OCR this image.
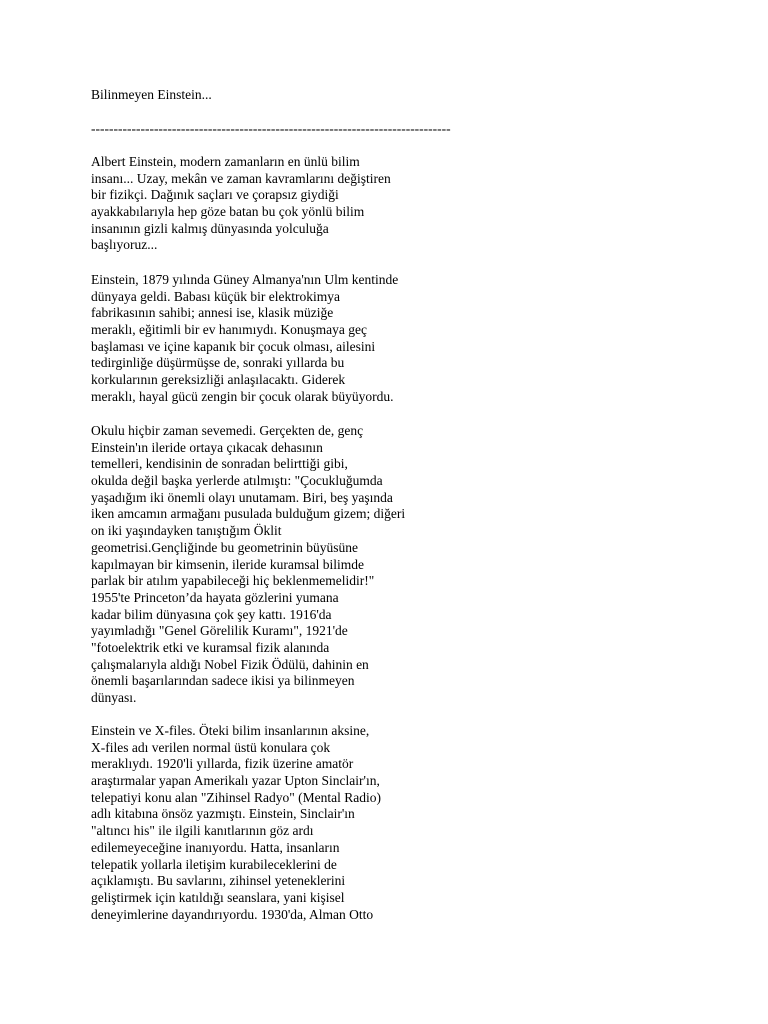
Bilinmeyen Einstein...
--------------------------------------------------------------------------------
Albert Einstein, modern zamanların en ünlü bilim
insanı... Uzay, mekân ve zaman kavramlarını değiştiren
bir fizikçi. Dağınık saçları ve çorapsız giydiği
ayakkabılarıyla hep göze batan bu çok yönlü bilim
insanının gizli kalmış dünyasında yolculuğa
başlıyoruz...
Einstein, 1879 yılında Güney Almanya'nın Ulm kentinde
dünyaya geldi. Babası küçük bir elektrokimya
fabrikasının sahibi; annesi ise, klasik müziğe
meraklı, eğitimli bir ev hanımıydı. Konuşmaya geç
başlaması ve içine kapanık bir çocuk olması, ailesini
tedirginliğe düşürmüşse de, sonraki yıllarda bu
korkularının gereksizliği anlaşılacaktı. Giderek
meraklı, hayal gücü zengin bir çocuk olarak büyüyordu.
Okulu hiçbir zaman sevemedi. Gerçekten de, genç
Einstein'ın ileride ortaya çıkacak dehasının
temelleri, kendisinin de sonradan belirttiği gibi,
okulda değil başka yerlerde atılmıştı: "Çocukluğumda
yaşadığım iki önemli olayı unutamam. Biri, beş yaşında
iken amcamın armağanı pusulada bulduğum gizem; diğeri
on iki yaşındayken tanıştığım Öklit
geometrisi.Gençliğinde bu geometrinin büyüsüne
kapılmayan bir kimsenin, ileride kuramsal bilimde
parlak bir atılım yapabileceği hiç beklenmemelidir!"
1955'te Princeton’da hayata gözlerini yumana
kadar bilim dünyasına çok şey kattı. 1916'da
yayımladığı "Genel Görelilik Kuramı", 1921'de
"fotoelektrik etki ve kuramsal fizik alanında
çalışmalarıyla aldığı Nobel Fizik Ödülü, dahinin en
önemli başarılarından sadece ikisi ya bilinmeyen
dünyası.
Einstein ve X-files. Öteki bilim insanlarının aksine,
X-files adı verilen normal üstü konulara çok
meraklıydı. 1920'li yıllarda, fizik üzerine amatör
araştırmalar yapan Amerikalı yazar Upton Sinclair'ın,
telepatiyi konu alan "Zihinsel Radyo" (Mental Radio)
adlı kitabına önsöz yazmıştı. Einstein, Sinclair'ın
"altıncı his" ile ilgili kanıtlarının göz ardı
edilemeyeceğine inanıyordu. Hatta, insanların
telepatik yollarla iletişim kurabileceklerini de
açıklamıştı. Bu savlarını, zihinsel yeteneklerini
geliştirmek için katıldığı seanslara, yani kişisel
deneyimlerine dayandırıyordu. 1930'da, Alman Otto
